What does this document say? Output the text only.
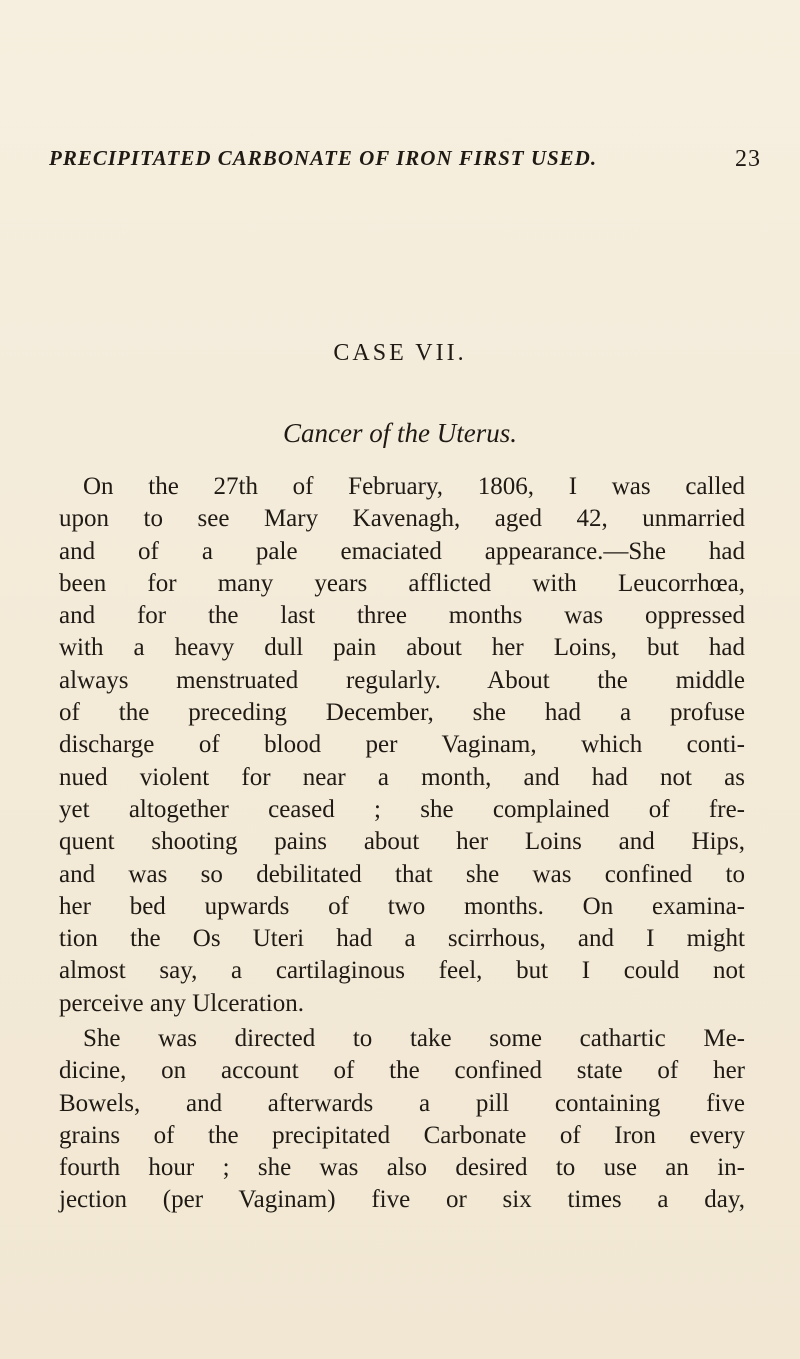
PRECIPITATED CARBONATE OF IRON FIRST USED.	23
CASE VII.
Cancer of the Uterus.
On the 27th of February, 1806, I was called
upon to see Mary Kavenagh, aged 42, unmarried
and of a pale emaciated appearance.—She had
been for many years afflicted with Leucorrhœa,
and for the last three months was oppressed
with a heavy dull pain about her Loins, but had
always menstruated regularly. About the middle
of the preceding December, she had a profuse
discharge of blood per Vaginam, which conti-
nued violent for near a month, and had not as
yet altogether ceased ; she complained of fre-
quent shooting pains about her Loins and Hips,
and was so debilitated that she was confined to
her bed upwards of two months. On examina-
tion the Os Uteri had a scirrhous, and I might
almost say, a cartilaginous feel, but I could not
perceive any Ulceration.
She was directed to take some cathartic Me-
dicine, on account of the confined state of her
Bowels, and afterwards a pill containing five
grains of the precipitated Carbonate of Iron every
fourth hour ; she was also desired to use an in-
jection (per Vaginam) five or six times a day,
